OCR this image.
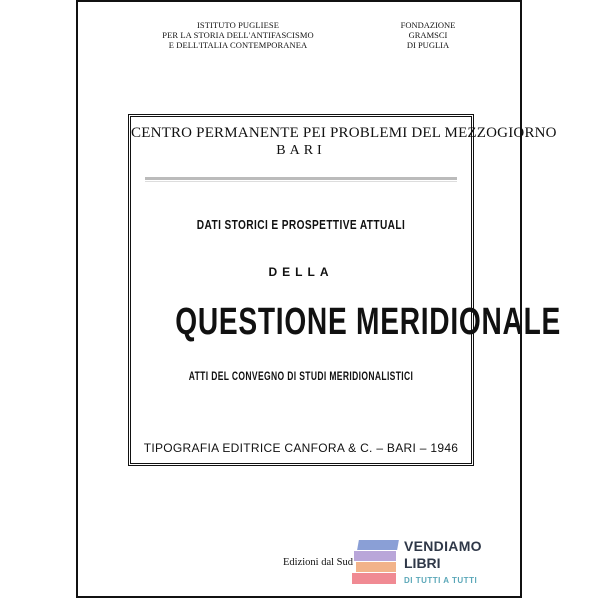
ISTITUTO PUGLIESE
PER LA STORIA DELL'ANTIFASCISMO
E DELL'ITALIA CONTEMPORANEA
FONDAZIONE
GRAMSCI
DI PUGLIA
CENTRO PERMANENTE PEI PROBLEMI DEL MEZZOGIORNO
BARI
DATI STORICI E PROSPETTIVE ATTUALI
DELLA
QUESTIONE MERIDIONALE
ATTI DEL CONVEGNO DI STUDI MERIDIONALISTICI
TIPOGRAFIA EDITRICE CANFORA & C. – BARI – 1946
Edizioni dal Sud
VENDIAMO
LIBRI
DI TUTTI A TUTTI
